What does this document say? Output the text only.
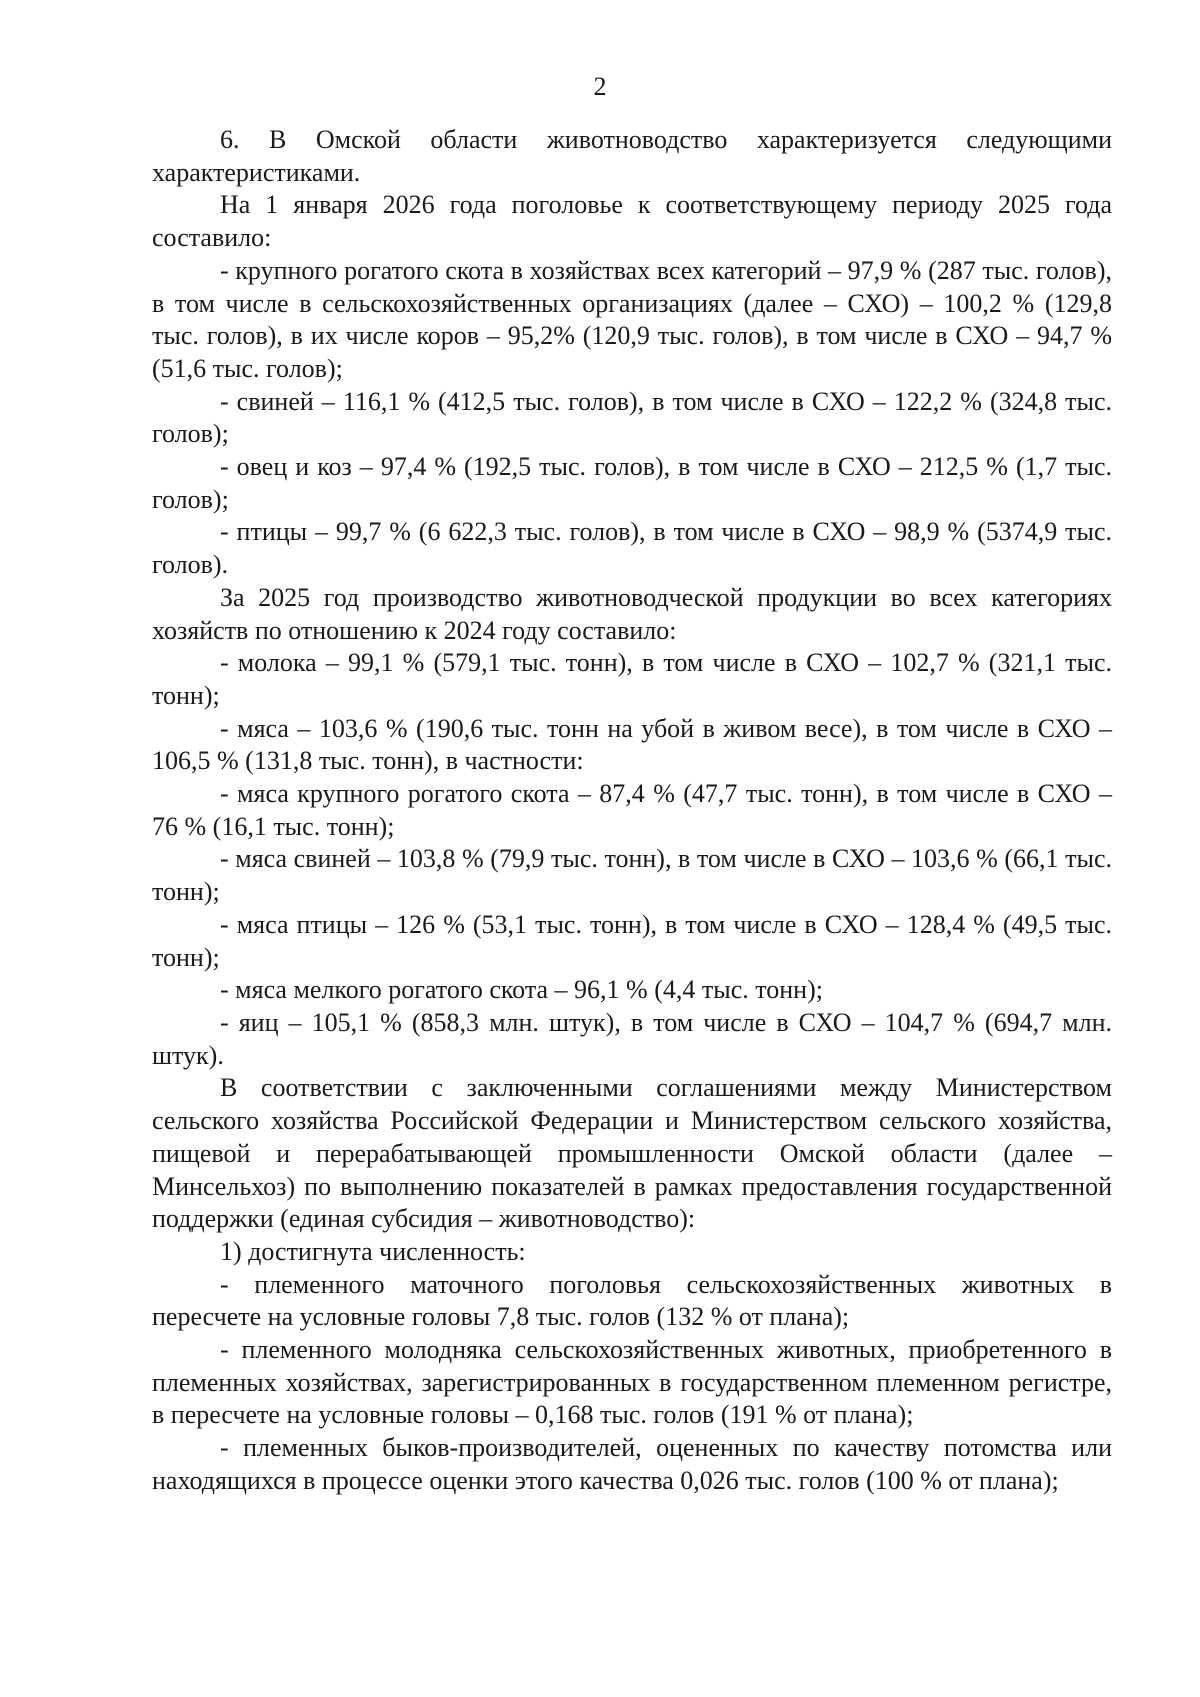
2

6. В Омской области животноводство характеризуется следующими характеристиками.

На 1 января 2026 года поголовье к соответствующему периоду 2025 года составило:

- крупного рогатого скота в хозяйствах всех категорий – 97,9 % (287 тыс. голов), в том числе в сельскохозяйственных организациях (далее – СХО) – 100,2 % (129,8 тыс. голов), в их числе коров – 95,2% (120,9 тыс. голов), в том числе в СХО – 94,7 % (51,6 тыс. голов);

- свиней – 116,1 % (412,5 тыс. голов), в том числе в СХО – 122,2 % (324,8 тыс. голов);

- овец и коз – 97,4 % (192,5 тыс. голов), в том числе в СХО – 212,5 % (1,7 тыс. голов);

- птицы – 99,7 % (6 622,3 тыс. голов), в том числе в СХО – 98,9 % (5374,9 тыс. голов).

За 2025 год производство животноводческой продукции во всех категориях хозяйств по отношению к 2024 году составило:

- молока – 99,1 % (579,1 тыс. тонн), в том числе в СХО – 102,7 % (321,1 тыс. тонн);

- мяса – 103,6 % (190,6 тыс. тонн на убой в живом весе), в том числе в СХО – 106,5 % (131,8 тыс. тонн), в частности:

- мяса крупного рогатого скота – 87,4 % (47,7 тыс. тонн), в том числе в СХО – 76 % (16,1 тыс. тонн);

- мяса свиней – 103,8 % (79,9 тыс. тонн), в том числе в СХО – 103,6 % (66,1 тыс. тонн);

- мяса птицы – 126 % (53,1 тыс. тонн), в том числе в СХО – 128,4 % (49,5 тыс. тонн);

- мяса мелкого рогатого скота – 96,1 % (4,4 тыс. тонн);

- яиц – 105,1 % (858,3 млн. штук), в том числе в СХО – 104,7 % (694,7 млн. штук).

В соответствии с заключенными соглашениями между Министерством сельского хозяйства Российской Федерации и Министерством сельского хозяйства, пищевой и перерабатывающей промышленности Омской области (далее – Минсельхоз) по выполнению показателей в рамках предоставления государственной поддержки (единая субсидия – животноводство):

1) достигнута численность:

- племенного маточного поголовья сельскохозяйственных животных в пересчете на условные головы 7,8 тыс. голов (132 % от плана);

- племенного молодняка сельскохозяйственных животных, приобретенного в племенных хозяйствах, зарегистрированных в государственном племенном регистре, в пересчете на условные головы – 0,168 тыс. голов (191 % от плана);

- племенных быков-производителей, оцененных по качеству потомства или находящихся в процессе оценки этого качества 0,026 тыс. голов (100 % от плана);
